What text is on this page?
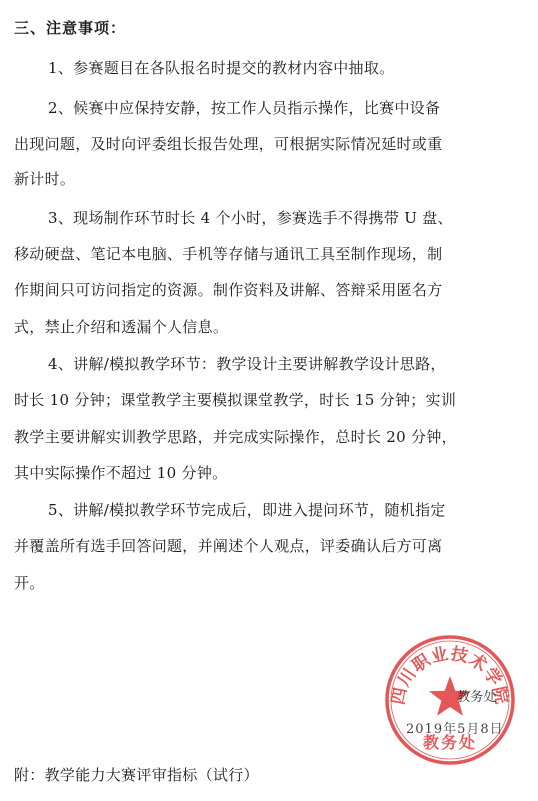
三、注意事项：
1、参赛题目在各队报名时提交的教材内容中抽取。
2、候赛中应保持安静，按工作人员指示操作，比赛中设备
出现问题，及时向评委组长报告处理，可根据实际情况延时或重
新计时。
3、现场制作环节时长 4 个小时，参赛选手不得携带 U 盘、
移动硬盘、笔记本电脑、手机等存储与通讯工具至制作现场，制
作期间只可访问指定的资源。制作资料及讲解、答辩采用匿名方
式，禁止介绍和透漏个人信息。
4、讲解/模拟教学环节：教学设计主要讲解教学设计思路，
时长 10 分钟；课堂教学主要模拟课堂教学，时长 15 分钟；实训
教学主要讲解实训教学思路，并完成实际操作，总时长 20 分钟，
其中实际操作不超过 10 分钟。
5、讲解/模拟教学环节完成后，即进入提问环节，随机指定
并覆盖所有选手回答问题，并阐述个人观点，评委确认后方可离
开。
四川职业技术学院
教务处
教务处
2019年5月8日
附：教学能力大赛评审指标（试行）
